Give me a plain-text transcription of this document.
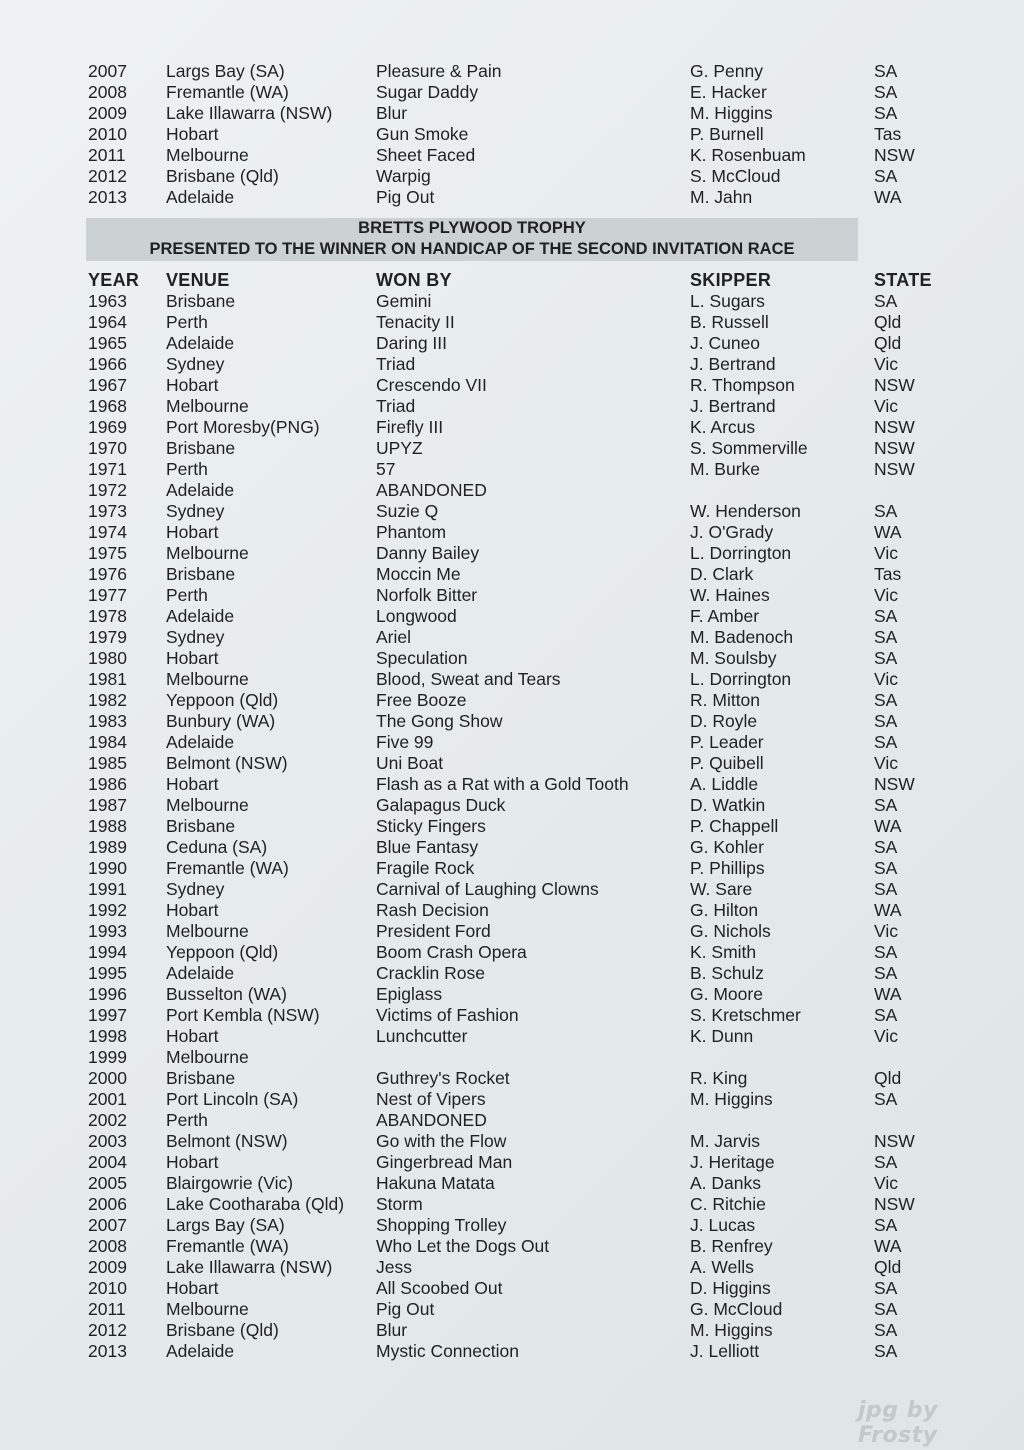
2007 Largs Bay (SA)	Pleasure & Pain	G. Penny	SA
2008 Fremantle (WA)	Sugar Daddy	E. Hacker	SA
2009 Lake Illawarra (NSW) Blur	M. Higgins	SA
2010 Hobart	Gun Smoke	P. Burnell	Tas
2011 Melbourne	Sheet Faced	K. Rosenbuam	NSW
2012 Brisbane (Qld)	Warpig	S. McCloud	SA
2013 Adelaide	Pig Out	M. Jahn	WA
BRETTS PLYWOOD TROPHY
PRESENTED TO THE WINNER ON HANDICAP OF THE SECOND INVITATION RACE
YEAR VENUE	WON BY	SKIPPER	STATE
1963 Brisbane	Gemini	L. Sugars	SA
1964 Perth	Tenacity II	B. Russell	Qld
1965 Adelaide	Daring III	J. Cuneo	Qld
1966 Sydney	Triad	J. Bertrand	Vic
1967 Hobart	Crescendo VII	R. Thompson	NSW
1968 Melbourne	Triad	J. Bertrand	Vic
1969 Port Moresby(PNG)	Firefly III	K. Arcus	NSW
1970 Brisbane	UPYZ	S. Sommerville	NSW
1971 Perth	57	M. Burke	NSW
1972 Adelaide	ABANDONED
1973 Sydney	Suzie Q	W. Henderson	SA
1974 Hobart	Phantom	J. O'Grady	WA
1975 Melbourne	Danny Bailey	L. Dorrington	Vic
1976 Brisbane	Moccin Me	D. Clark	Tas
1977 Perth	Norfolk Bitter	W. Haines	Vic
1978 Adelaide	Longwood	F. Amber	SA
1979 Sydney	Ariel	M. Badenoch	SA
1980 Hobart	Speculation	M. Soulsby	SA
1981 Melbourne	Blood, Sweat and Tears	L. Dorrington	Vic
1982 Yeppoon (Qld)	Free Booze	R. Mitton	SA
1983 Bunbury (WA)	The Gong Show	D. Royle	SA
1984 Adelaide	Five 99	P. Leader	SA
1985 Belmont (NSW)	Uni Boat	P. Quibell	Vic
1986 Hobart	Flash as a Rat with a Gold Tooth	A. Liddle	NSW
1987 Melbourne	Galapagus Duck	D. Watkin	SA
1988 Brisbane	Sticky Fingers	P. Chappell	WA
1989 Ceduna (SA)	Blue Fantasy	G. Kohler	SA
1990 Fremantle (WA)	Fragile Rock	P. Phillips	SA
1991 Sydney	Carnival of Laughing Clowns	W. Sare	SA
1992 Hobart	Rash Decision	G. Hilton	WA
1993 Melbourne	President Ford	G. Nichols	Vic
1994 Yeppoon (Qld)	Boom Crash Opera	K. Smith	SA
1995 Adelaide	Cracklin Rose	B. Schulz	SA
1996 Busselton (WA)	Epiglass	G. Moore	WA
1997 Port Kembla (NSW)	Victims of Fashion	S. Kretschmer	SA
1998 Hobart	Lunchcutter	K. Dunn	Vic
1999 Melbourne
2000 Brisbane	Guthrey's Rocket	R. King	Qld
2001 Port Lincoln (SA)	Nest of Vipers	M. Higgins	SA
2002 Perth	ABANDONED
2003 Belmont (NSW)	Go with the Flow	M. Jarvis	NSW
2004 Hobart	Gingerbread Man	J. Heritage	SA
2005 Blairgowrie (Vic)	Hakuna Matata	A. Danks	Vic
2006 Lake Cootharaba (Qld) Storm	C. Ritchie	NSW
2007 Largs Bay (SA)	Shopping Trolley	J. Lucas	SA
2008 Fremantle (WA)	Who Let the Dogs Out	B. Renfrey	WA
2009 Lake Illawarra (NSW) Jess	A. Wells	Qld
2010 Hobart	All Scoobed Out	D. Higgins	SA
2011 Melbourne	Pig Out	G. McCloud	SA
2012 Brisbane (Qld)	Blur	M. Higgins	SA
2013 Adelaide	Mystic Connection	J. Lelliott	SA
jpg by Frosty
